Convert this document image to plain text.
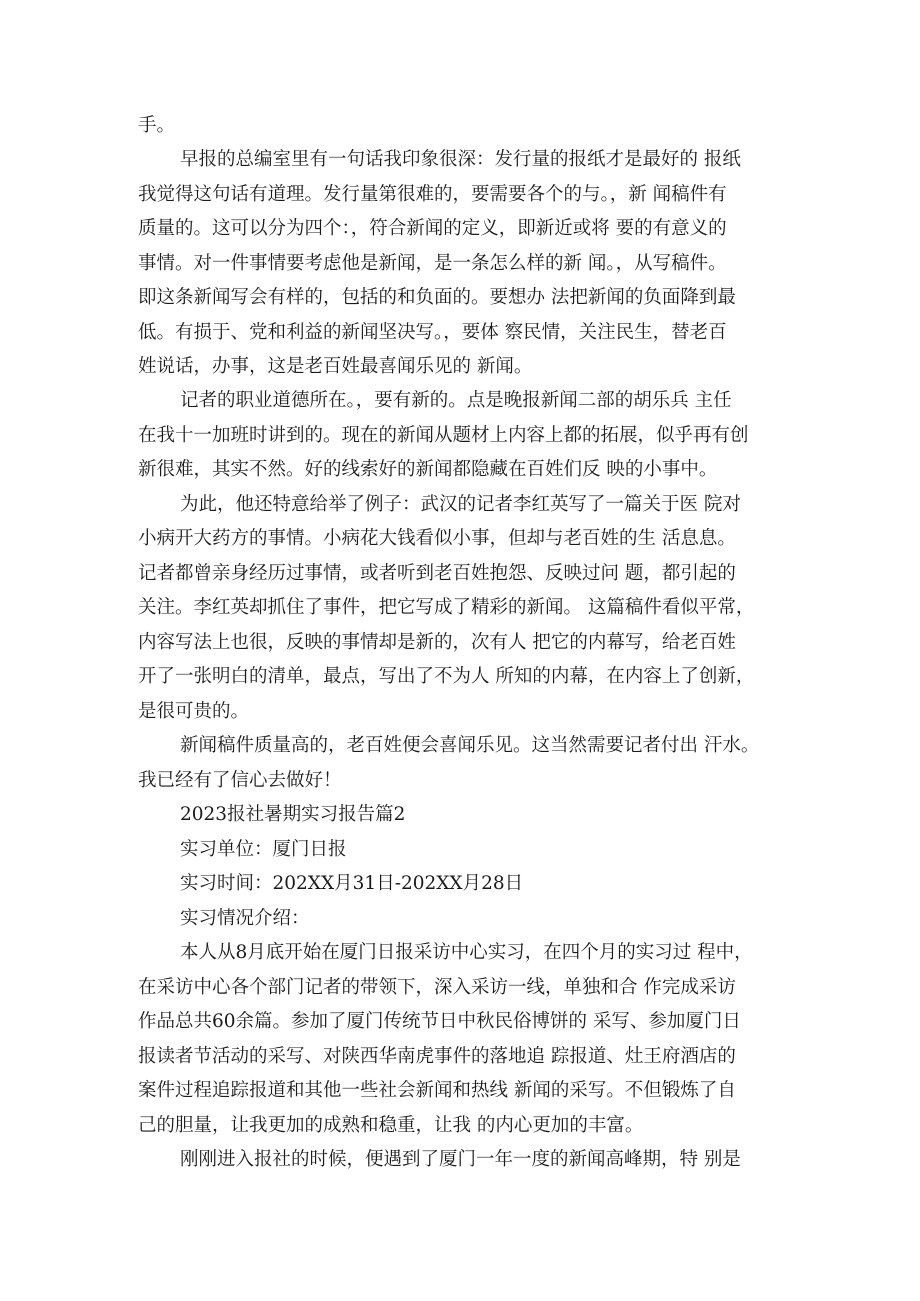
手。
早报的总编室里有一句话我印象很深：发行量的报纸才是最好的 报纸
我觉得这句话有道理。发行量第很难的，要需要各个的与。，新 闻稿件有
质量的。这可以分为四个：，符合新闻的定义，即新近或将 要的有意义的
事情。对一件事情要考虑他是新闻，是一条怎么样的新 闻。，从写稿件。
即这条新闻写会有样的，包括的和负面的。要想办 法把新闻的负面降到最
低。有损于、党和利益的新闻坚决写。，要体 察民情，关注民生，替老百
姓说话，办事，这是老百姓最喜闻乐见的 新闻。
记者的职业道德所在。，要有新的。点是晚报新闻二部的胡乐兵 主任
在我十一加班时讲到的。现在的新闻从题材上内容上都的拓展，似乎再有创
新很难，其实不然。好的线索好的新闻都隐藏在百姓们反 映的小事中。
为此，他还特意给举了例子：武汉的记者李红英写了一篇关于医 院对
小病开大药方的事情。小病花大钱看似小事，但却与老百姓的生 活息息。
记者都曾亲身经历过事情，或者听到老百姓抱怨、反映过问 题，都引起的
关注。李红英却抓住了事件，把它写成了精彩的新闻。 这篇稿件看似平常，
内容写法上也很，反映的事情却是新的，次有人 把它的内幕写，给老百姓
开了一张明白的清单，最点，写出了不为人 所知的内幕，在内容上了创新，
是很可贵的。
新闻稿件质量高的，老百姓便会喜闻乐见。这当然需要记者付出 汗水。
我已经有了信心去做好！
2023报社暑期实习报告篇2
实习单位：厦门日报
实习时间：202XX月31日-202XX月28日
实习情况介绍：
本人从8月底开始在厦门日报采访中心实习，在四个月的实习过 程中，
在采访中心各个部门记者的带领下，深入采访一线，单独和合 作完成采访
作品总共60余篇。参加了厦门传统节日中秋民俗博饼的 采写、参加厦门日
报读者节活动的采写、对陕西华南虎事件的落地追 踪报道、灶王府酒店的
案件过程追踪报道和其他一些社会新闻和热线 新闻的采写。不但锻炼了自
己的胆量，让我更加的成熟和稳重，让我 的内心更加的丰富。
刚刚进入报社的时候，便遇到了厦门一年一度的新闻高峰期，特 别是
